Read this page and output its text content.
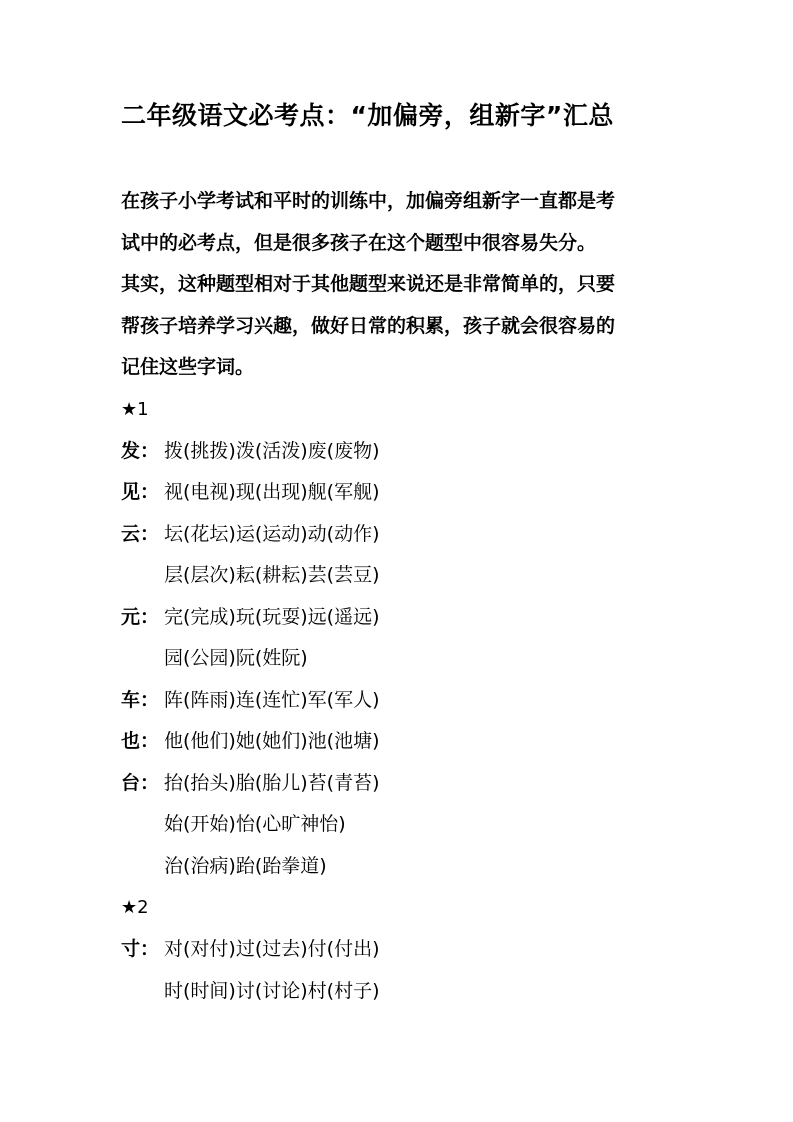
二年级语文必考点：“加偏旁，组新字”汇总

在孩子小学考试和平时的训练中，加偏旁组新字一直都是考

试中的必考点，但是很多孩子在这个题型中很容易失分。

其实，这种题型相对于其他题型来说还是非常简单的，只要

帮孩子培养学习兴趣，做好日常的积累，孩子就会很容易的

记住这些字词。

★1
发： 拨(挑拨)泼(活泼)废(废物)
见： 视(电视)现(出现)舰(军舰)
云： 坛(花坛)运(运动)动(动作)
层(层次)耘(耕耘)芸(芸豆)
元： 完(完成)玩(玩耍)远(遥远)
园(公园)阮(姓阮)
车： 阵(阵雨)连(连忙)军(军人)
也： 他(他们)她(她们)池(池塘)
台： 抬(抬头)胎(胎儿)苔(青苔)
始(开始)怡(心旷神怡)
治(治病)跆(跆拳道)
★2
寸： 对(对付)过(过去)付(付出)
时(时间)讨(讨论)村(村子)
